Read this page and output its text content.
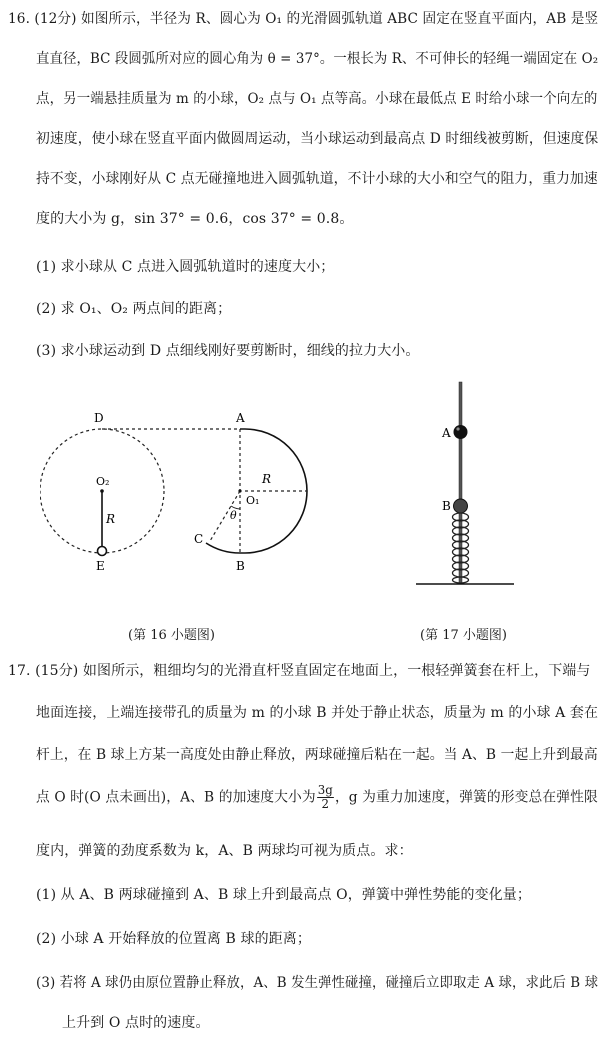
16. (12分) 如图所示，半径为 R、圆心为 O₁ 的光滑圆弧轨道 ABC 固定在竖直平面内，AB 是竖
直直径，BC 段圆弧所对应的圆心角为 θ = 37°。一根长为 R、不可伸长的轻绳一端固定在 O₂
点，另一端悬挂质量为 m 的小球，O₂ 点与 O₁ 点等高。小球在最低点 E 时给小球一个向左的
初速度，使小球在竖直平面内做圆周运动，当小球运动到最高点 D 时细线被剪断，但速度保
持不变，小球刚好从 C 点无碰撞地进入圆弧轨道，不计小球的大小和空气的阻力，重力加速
度的大小为 g，sin 37° = 0.6，cos 37° = 0.8。
(1) 求小球从 C 点进入圆弧轨道时的速度大小；
(2) 求 O₁、O₂ 两点间的距离；
(3) 求小球运动到 D 点细线刚好要剪断时，细线的拉力大小。
D	A
O₂
R
R
O₁
θ
C
E	B
A
B
(第 16 小题图)	(第 17 小题图)
17. (15分) 如图所示，粗细均匀的光滑直杆竖直固定在地面上，一根轻弹簧套在杆上，下端与
地面连接，上端连接带孔的质量为 m 的小球 B 并处于静止状态，质量为 m 的小球 A 套在
杆上，在 B 球上方某一高度处由静止释放，两球碰撞后粘在一起。当 A、B 一起上升到最高
点 O 时(O 点未画出)，A、B 的加速度大小为 $\frac{3g}{2}$ ，g 为重力加速度，弹簧的形变总在弹性限
度内，弹簧的劲度系数为 k，A、B 两球均可视为质点。求：
(1) 从 A、B 两球碰撞到 A、B 球上升到最高点 O，弹簧中弹性势能的变化量；
(2) 小球 A 开始释放的位置离 B 球的距离；
(3) 若将 A 球仍由原位置静止释放，A、B 发生弹性碰撞，碰撞后立即取走 A 球，求此后 B 球
上升到 O 点时的速度。
